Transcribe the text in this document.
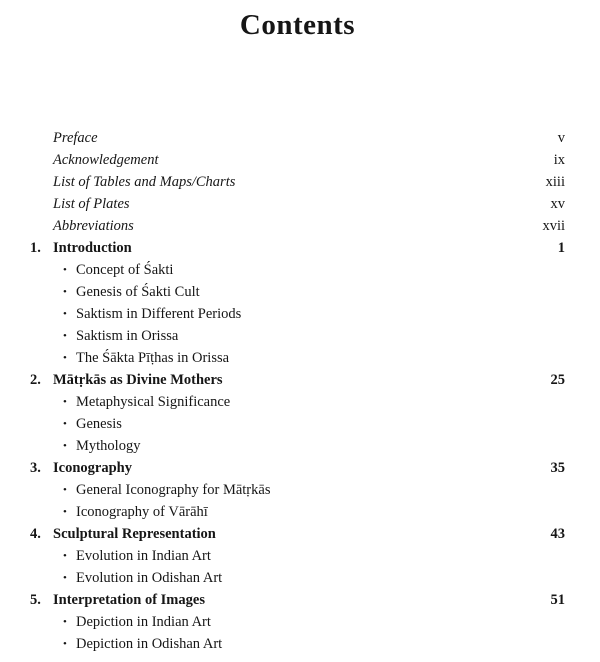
Contents
Preface	v
Acknowledgement	ix
List of Tables and Maps/Charts	xiii
List of Plates	xv
Abbreviations	xvii
1. Introduction	1
• Concept of Śakti
• Genesis of Śakti Cult
• Saktism in Different Periods
• Saktism in Orissa
• The Śākta Pīṭhas in Orissa
2. Mātṛkās as Divine Mothers	25
• Metaphysical Significance
• Genesis
• Mythology
3. Iconography	35
• General Iconography for Mātṛkās
• Iconography of Vārāhī
4. Sculptural Representation	43
• Evolution in Indian Art
• Evolution in Odishan Art
5. Interpretation of Images	51
• Depiction in Indian Art
• Depiction in Odishan Art
